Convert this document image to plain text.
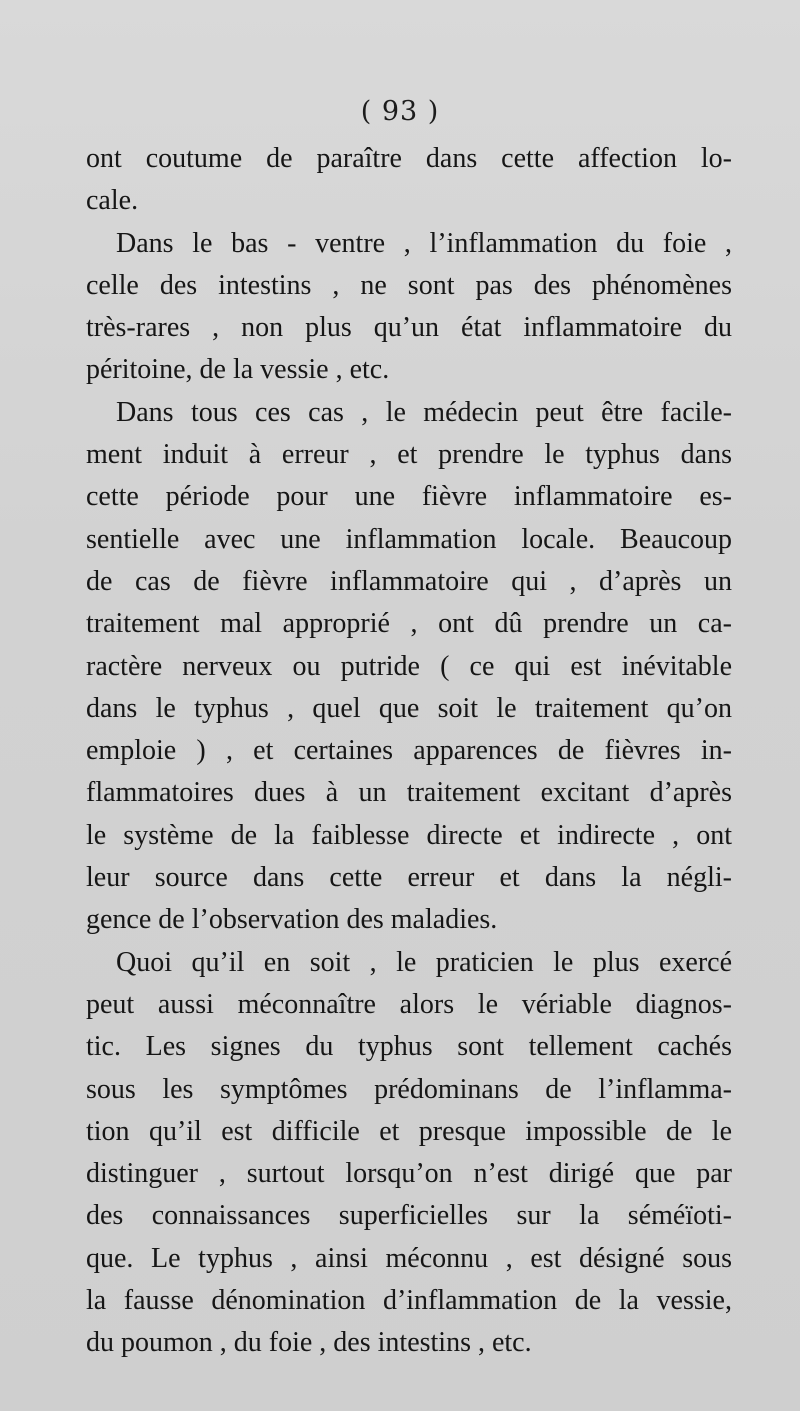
( 93 )
ont coutume de paraître dans cette affection lo-
cale.
Dans le bas - ventre , l’inflammation du foie ,
celle des intestins , ne sont pas des phénomènes
très-rares , non plus qu’un état inflammatoire du
péritoine, de la vessie , etc.
Dans tous ces cas , le médecin peut être facile-
ment induit à erreur , et prendre le typhus dans
cette période pour une fièvre inflammatoire es-
sentielle avec une inflammation locale. Beaucoup
de cas de fièvre inflammatoire qui , d’après un
traitement mal approprié , ont dû prendre un ca-
ractère nerveux ou putride ( ce qui est inévitable
dans le typhus , quel que soit le traitement qu’on
emploie ) , et certaines apparences de fièvres in-
flammatoires dues à un traitement excitant d’après
le système de la faiblesse directe et indirecte , ont
leur source dans cette erreur et dans la négli-
gence de l’observation des maladies.
Quoi qu’il en soit , le praticien le plus exercé
peut aussi méconnaître alors le vériable diagnos-
tic. Les signes du typhus sont tellement cachés
sous les symptômes prédominans de l’inflamma-
tion qu’il est difficile et presque impossible de le
distinguer , surtout lorsqu’on n’est dirigé que par
des connaissances superficielles sur la séméïoti-
que. Le typhus , ainsi méconnu , est désigné sous
la fausse dénomination d’inflammation de la vessie,
du poumon , du foie , des intestins , etc.
